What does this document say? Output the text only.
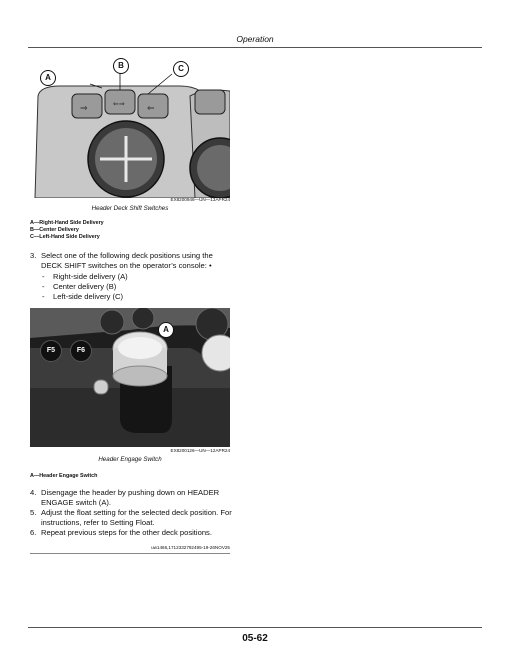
Operation
⇒	⇐⇒ ⇐
A
B	C
EX8200946—UN—13APR24
Header Deck Shift Switches
A—Right-Hand Side Delivery
B—Center Delivery
C—Left-Hand Side Delivery
3. Select one of the following deck positions using the DECK SHIFT switches on the operator’s console: •
- Right-side delivery (A)
- Center delivery (B)
- Left-side delivery (C)
F5	F6
A
EX8200126—UN—12APR24
Header Engage Switch
A—Header Engage Switch
4. Disengage the header by pushing down on HEADER ENGAGE switch (A).
5. Adjust the float setting for the selected deck position. For instructions, refer to Setting Float.
6. Repeat previous steps for the other deck positions.
uw1466,1712332792495-19-26NOV25
05-62
